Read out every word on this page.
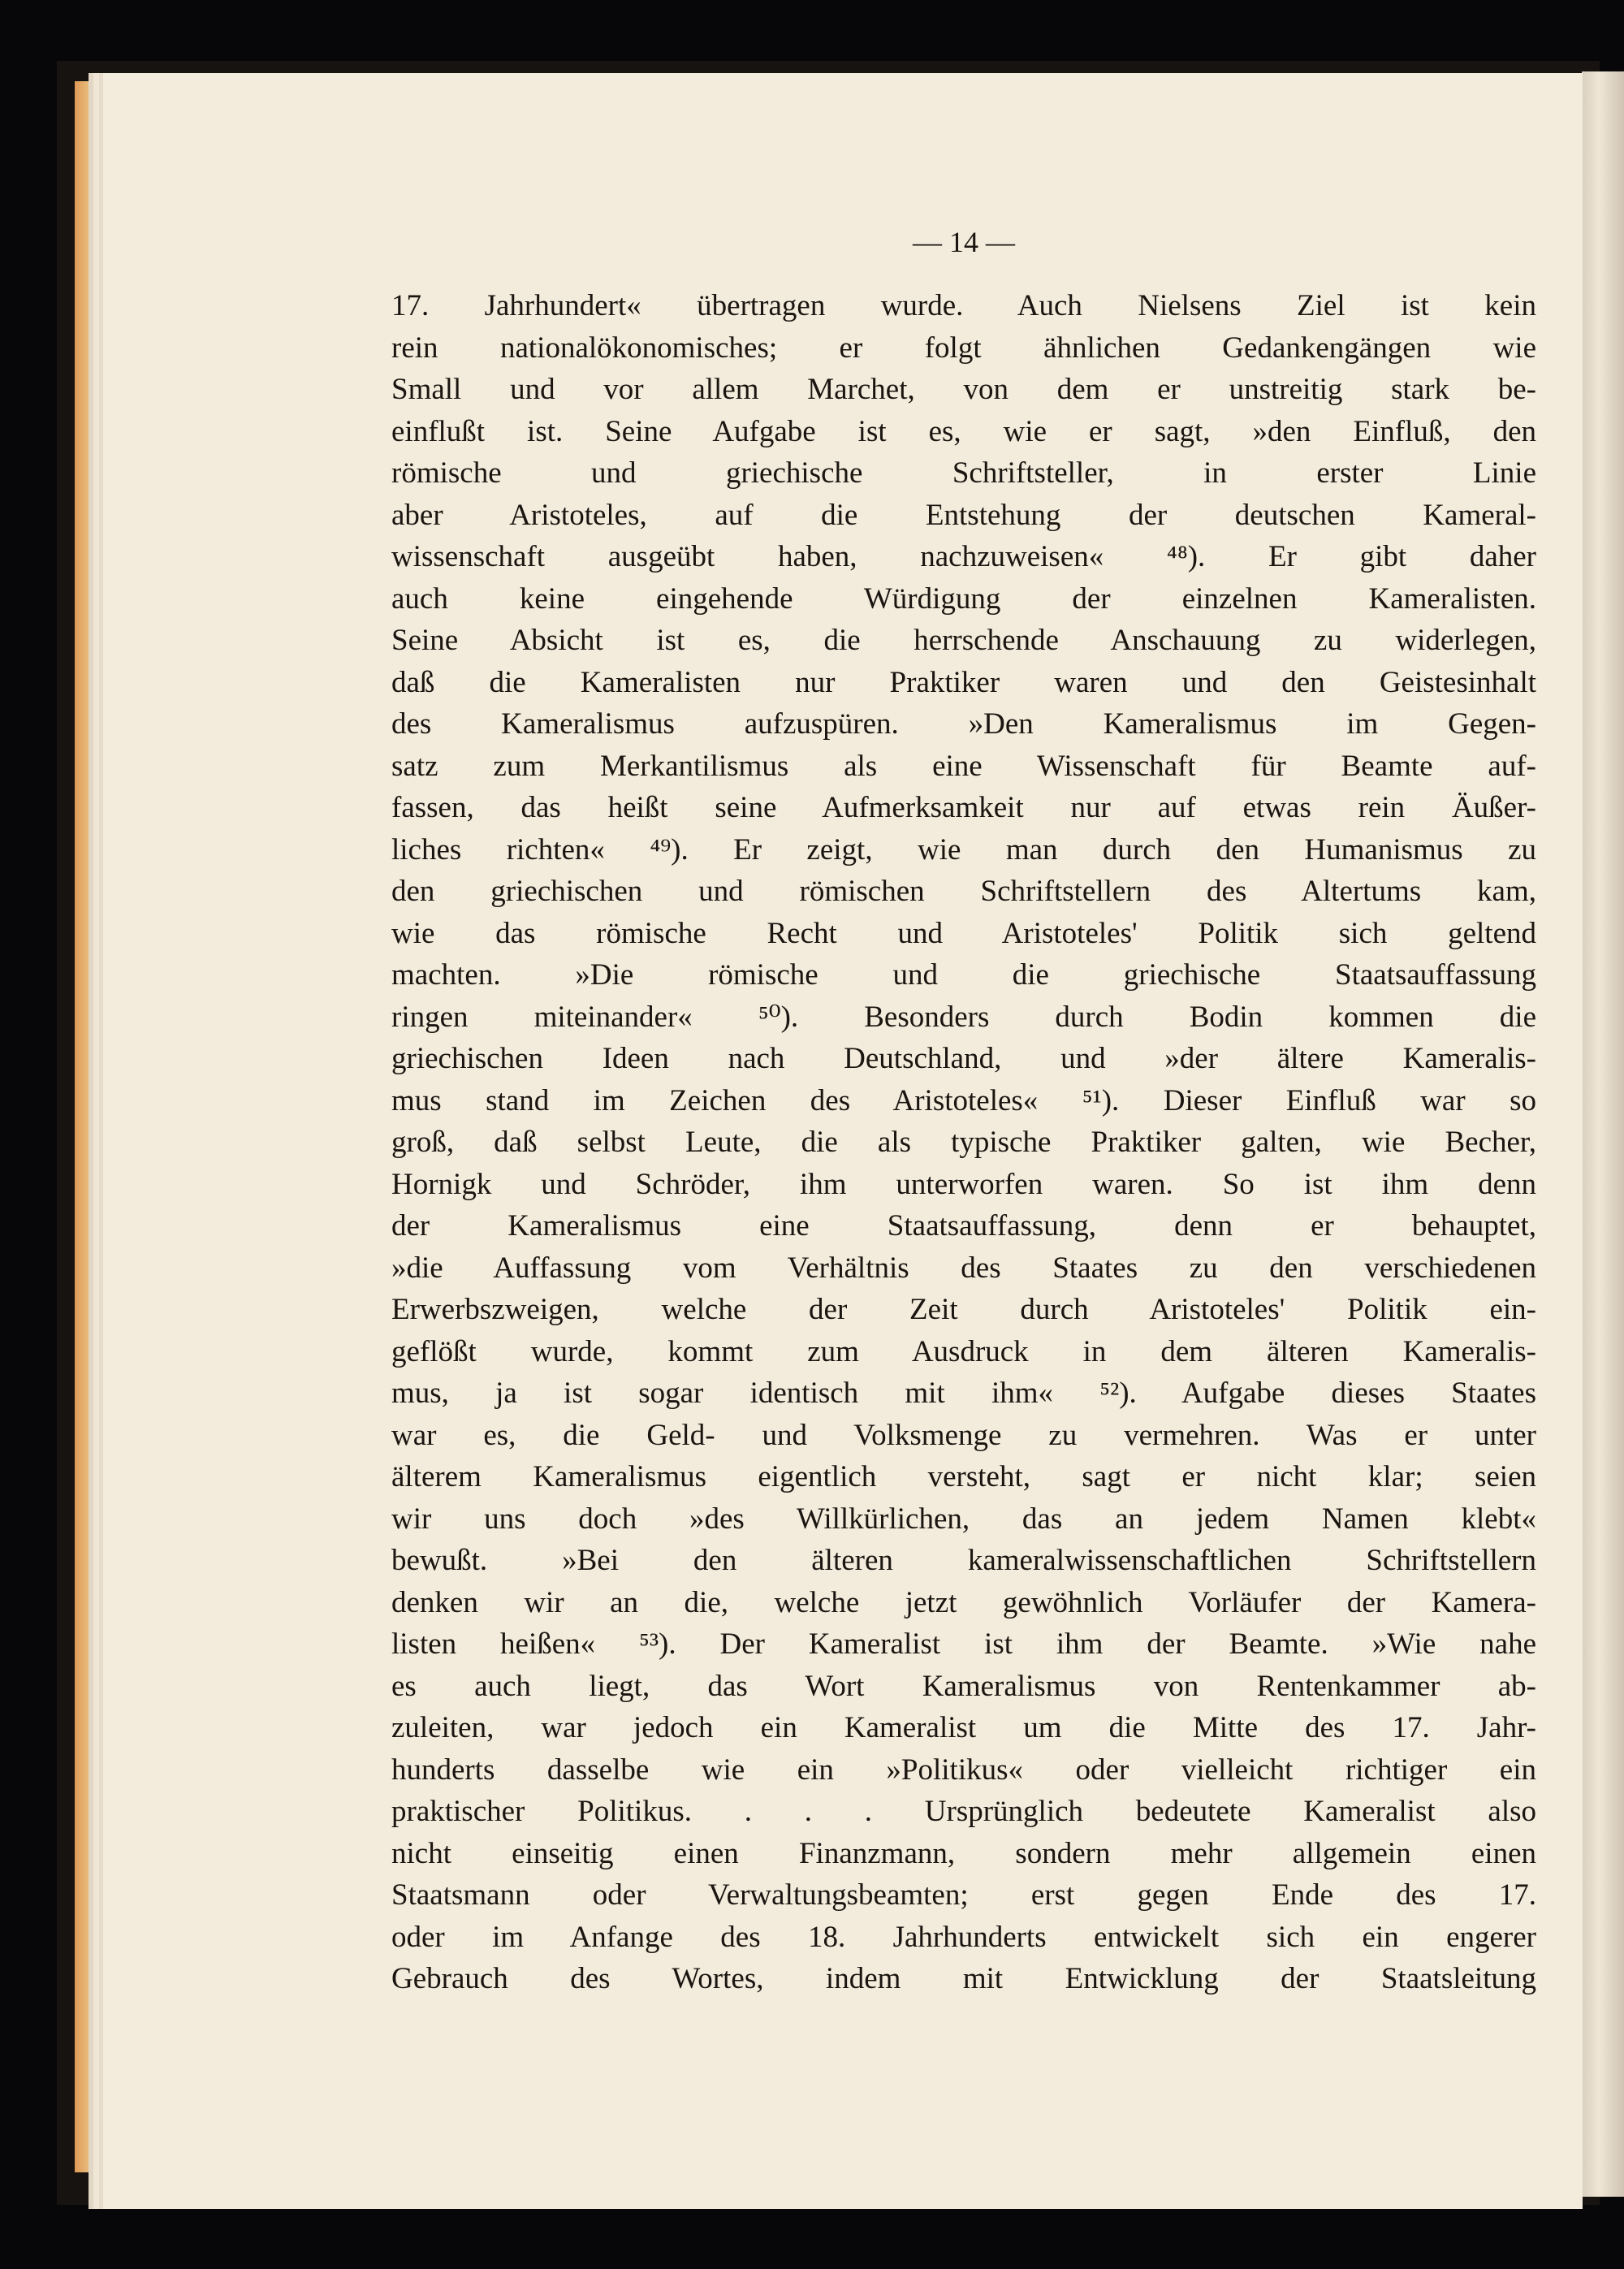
— 14 —
17. Jahrhundert« übertragen wurde. Auch Nielsens Ziel ist kein
rein nationalökonomisches; er folgt ähnlichen Gedankengängen wie
Small und vor allem Marchet, von dem er unstreitig stark be-
einflußt ist. Seine Aufgabe ist es, wie er sagt, »den Einfluß, den
römische und griechische Schriftsteller, in erster Linie
aber Aristoteles, auf die Entstehung der deutschen Kameral-
wissenschaft ausgeübt haben, nachzuweisen« ⁴⁸). Er gibt daher
auch keine eingehende Würdigung der einzelnen Kameralisten.
Seine Absicht ist es, die herrschende Anschauung zu widerlegen,
daß die Kameralisten nur Praktiker waren und den Geistesinhalt
des Kameralismus aufzuspüren. »Den Kameralismus im Gegen-
satz zum Merkantilismus als eine Wissenschaft für Beamte auf-
fassen, das heißt seine Aufmerksamkeit nur auf etwas rein Äußer-
liches richten« ⁴⁹). Er zeigt, wie man durch den Humanismus zu
den griechischen und römischen Schriftstellern des Altertums kam,
wie das römische Recht und Aristoteles' Politik sich geltend
machten. »Die römische und die griechische Staatsauffassung
ringen miteinander« ⁵⁰). Besonders durch Bodin kommen die
griechischen Ideen nach Deutschland, und »der ältere Kameralis-
mus stand im Zeichen des Aristoteles« ⁵¹). Dieser Einfluß war so
groß, daß selbst Leute, die als typische Praktiker galten, wie Becher,
Hornigk und Schröder, ihm unterworfen waren. So ist ihm denn
der Kameralismus eine Staatsauffassung, denn er behauptet,
»die Auffassung vom Verhältnis des Staates zu den verschiedenen
Erwerbszweigen, welche der Zeit durch Aristoteles' Politik ein-
geflößt wurde, kommt zum Ausdruck in dem älteren Kameralis-
mus, ja ist sogar identisch mit ihm« ⁵²). Aufgabe dieses Staates
war es, die Geld- und Volksmenge zu vermehren. Was er unter
älterem Kameralismus eigentlich versteht, sagt er nicht klar; seien
wir uns doch »des Willkürlichen, das an jedem Namen klebt«
bewußt. »Bei den älteren kameralwissenschaftlichen Schriftstellern
denken wir an die, welche jetzt gewöhnlich Vorläufer der Kamera-
listen heißen« ⁵³). Der Kameralist ist ihm der Beamte. »Wie nahe
es auch liegt, das Wort Kameralismus von Rentenkammer ab-
zuleiten, war jedoch ein Kameralist um die Mitte des 17. Jahr-
hunderts dasselbe wie ein »Politikus« oder vielleicht richtiger ein
praktischer Politikus. . . . Ursprünglich bedeutete Kameralist also
nicht einseitig einen Finanzmann, sondern mehr allgemein einen
Staatsmann oder Verwaltungsbeamten; erst gegen Ende des 17.
oder im Anfange des 18. Jahrhunderts entwickelt sich ein engerer
Gebrauch des Wortes, indem mit Entwicklung der Staatsleitung
